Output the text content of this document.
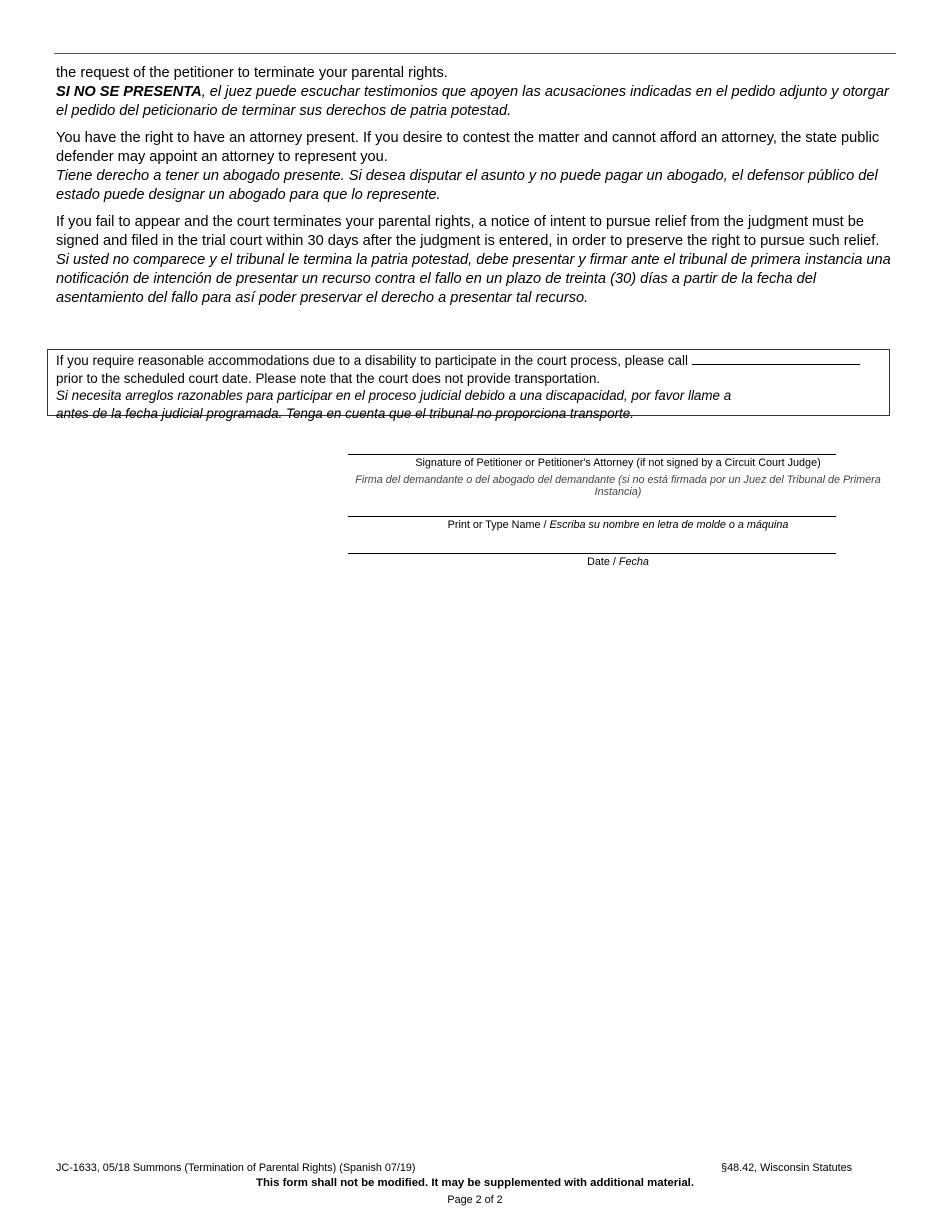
the request of the petitioner to terminate your parental rights.
SI NO SE PRESENTA, el juez puede escuchar testimonios que apoyen las acusaciones indicadas en el pedido adjunto y otorgar el pedido del peticionario de terminar sus derechos de patria potestad.

You have the right to have an attorney present. If you desire to contest the matter and cannot afford an attorney, the state public defender may appoint an attorney to represent you.
Tiene derecho a tener un abogado presente. Si desea disputar el asunto y no puede pagar un abogado, el defensor público del estado puede designar un abogado para que lo represente.

If you fail to appear and the court terminates your parental rights, a notice of intent to pursue relief from the judgment must be signed and filed in the trial court within 30 days after the judgment is entered, in order to preserve the right to pursue such relief.
Si usted no comparece y el tribunal le termina la patria potestad, debe presentar y firmar ante el tribunal de primera instancia una notificación de intención de presentar un recurso contra el fallo en un plazo de treinta (30) días a partir de la fecha del asentamiento del fallo para así poder preservar el derecho a presentar tal recurso.

If you require reasonable accommodations due to a disability to participate in the court process, please call
prior to the scheduled court date. Please note that the court does not provide transportation.
Si necesita arreglos razonables para participar en el proceso judicial debido a una discapacidad, por favor llame a
antes de la fecha judicial programada. Tenga en cuenta que el tribunal no proporciona transporte.
Signature of Petitioner or Petitioner's Attorney (if not signed by a Circuit Court Judge)
Firma del demandante o del abogado del demandante (si no está firmada por un Juez del Tribunal de Primera Instancia)
Print or Type Name / Escriba su nombre en letra de molde o a máquina
Date / Fecha
JC-1633, 05/18 Summons (Termination of Parental Rights) (Spanish 07/19)	§48.42, Wisconsin Statutes
This form shall not be modified. It may be supplemented with additional material.
Page 2 of 2
